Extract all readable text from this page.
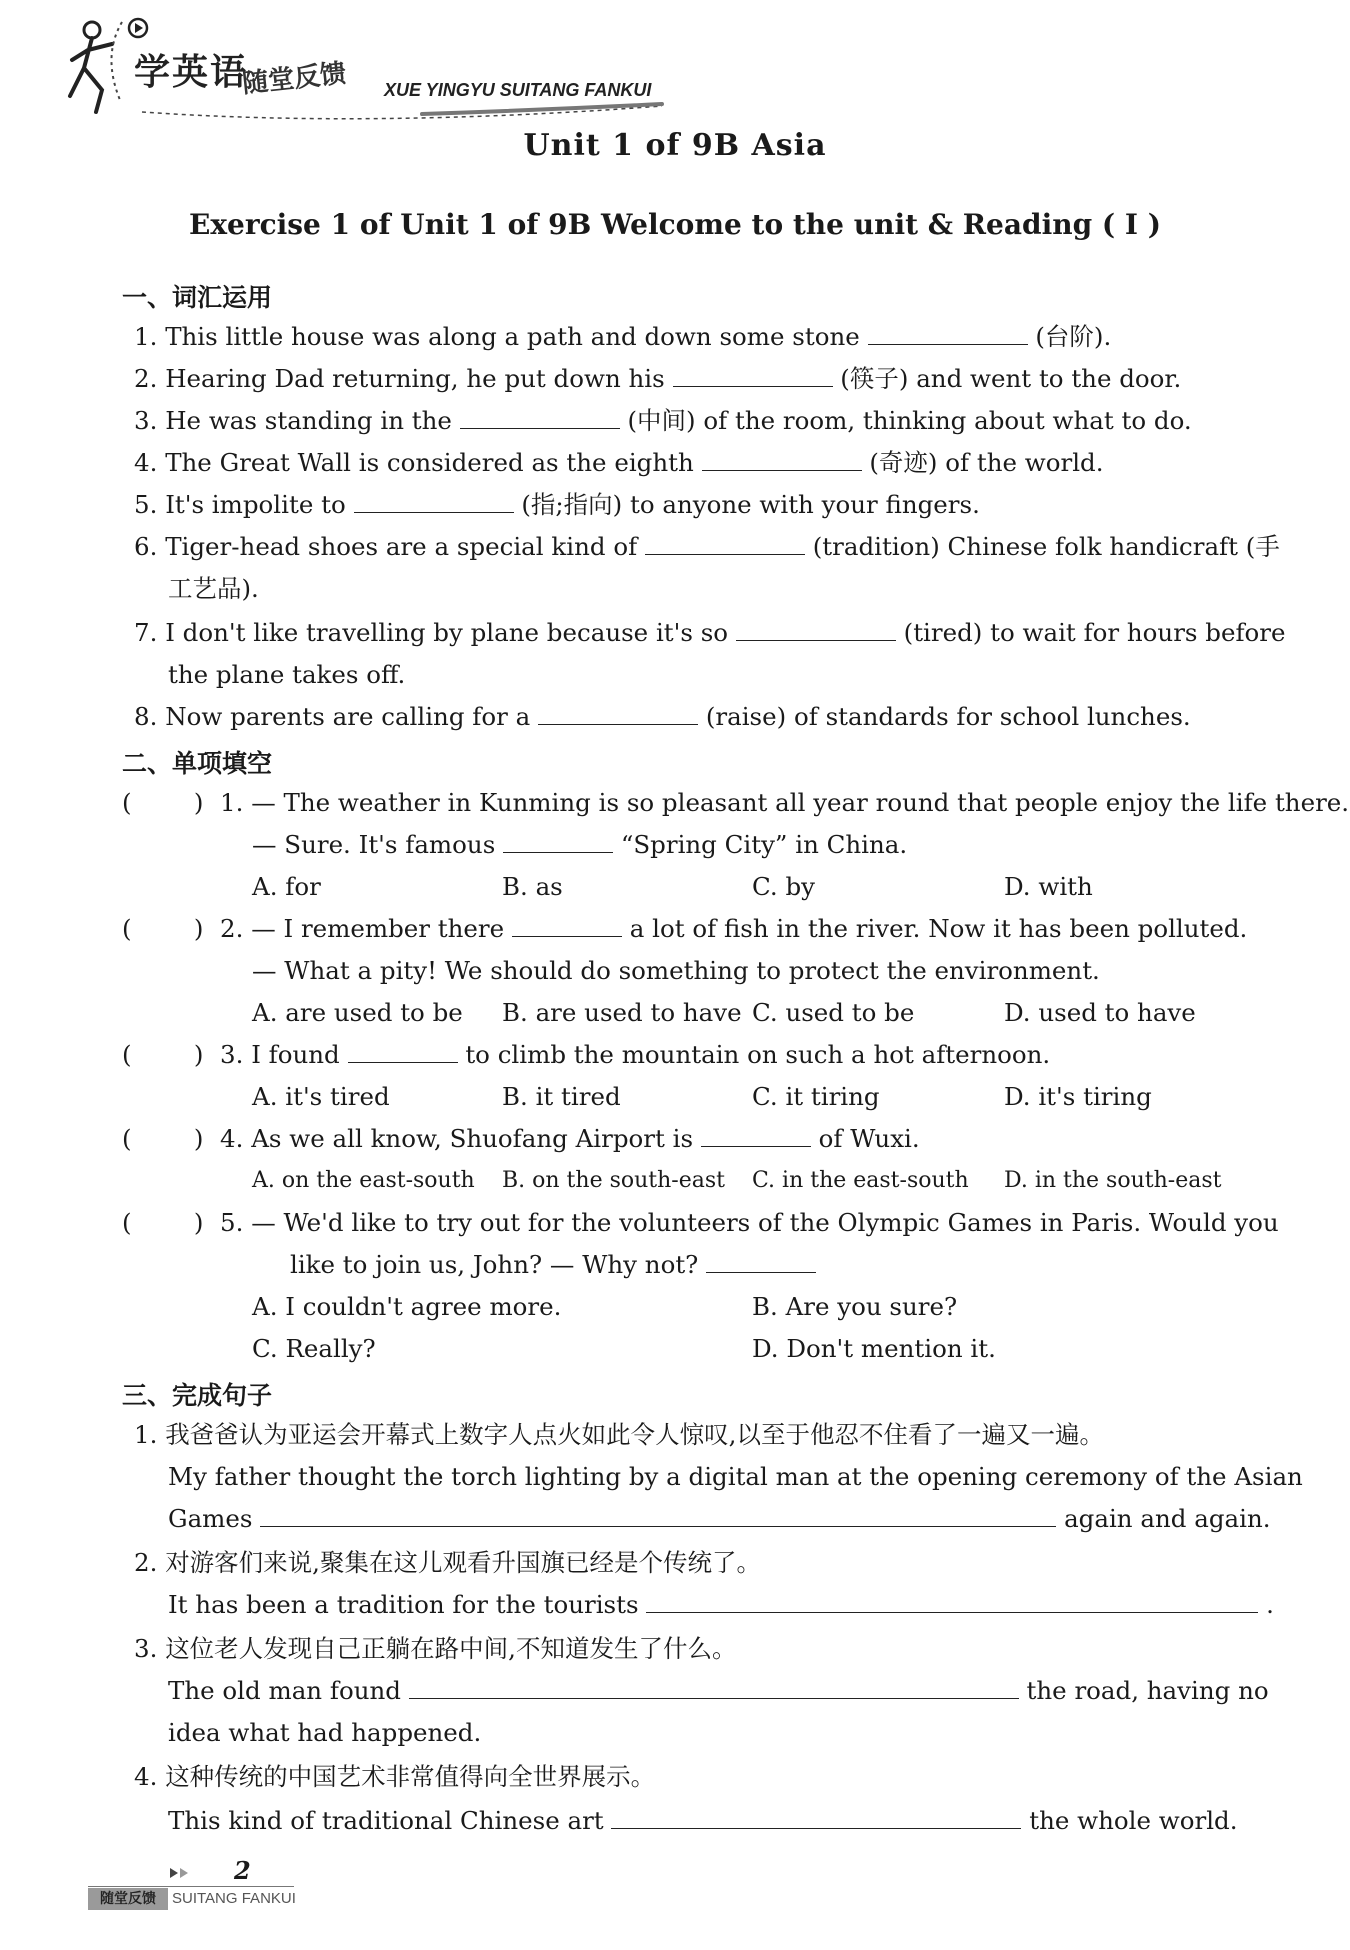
学英语
随堂反馈 XUE YINGYU SUITANG FANKUI
Unit 1 of 9B Asia
Exercise 1 of Unit 1 of 9B Welcome to the unit & Reading ( Ⅰ )
一、词汇运用
1. This little house was along a path and down some stone	(台阶).
2. Hearing Dad returning, he put down his	(筷子) and went to the door.
3. He was standing in the	(中间) of the room, thinking about what to do.
4. The Great Wall is considered as the eighth	(奇迹) of the world.
5. It's impolite to	(指;指向) to anyone with your fingers.
6. Tiger-head shoes are a special kind of	(tradition) Chinese folk handicraft (手
工艺品).
7. I don't like travelling by plane because it's so	(tired) to wait for hours before
the plane takes off.
8. Now parents are calling for a	(raise) of standards for school lunches.
二、单项填空
(        ) 1. — The weather in Kunming is so pleasant all year round that people enjoy the life there.
— Sure. It's famous	“Spring City” in China.
A. for	B. as	C. by	D. with
(        ) 2. — I remember there	a lot of fish in the river. Now it has been polluted.
— What a pity! We should do something to protect the environment.
A. are used to be B. are used to have C. used to be	D. used to have
(        ) 3. I found	to climb the mountain on such a hot afternoon.
A. it's tired	B. it tired	C. it tiring	D. it's tiring
(        ) 4. As we all know, Shuofang Airport is	of Wuxi.
A. on the east-south B. on the south-east C. in the east-south D. in the south-east
(        ) 5. — We'd like to try out for the volunteers of the Olympic Games in Paris. Would you
like to join us, John? — Why not?
A. I couldn't agree more.	B. Are you sure?
C. Really?	D. Don't mention it.
三、完成句子
1. 我爸爸认为亚运会开幕式上数字人点火如此令人惊叹,以至于他忍不住看了一遍又一遍。
My father thought the torch lighting by a digital man at the opening ceremony of the Asian
Games	again and again.
2. 对游客们来说,聚集在这儿观看升国旗已经是个传统了。
It has been a tradition for the tourists	.
3. 这位老人发现自己正躺在路中间,不知道发生了什么。
The old man found	the road, having no
idea what had happened.
4. 这种传统的中国艺术非常值得向全世界展示。
This kind of traditional Chinese art	the whole world.
2
随堂反馈	SUITANG FANKUI
